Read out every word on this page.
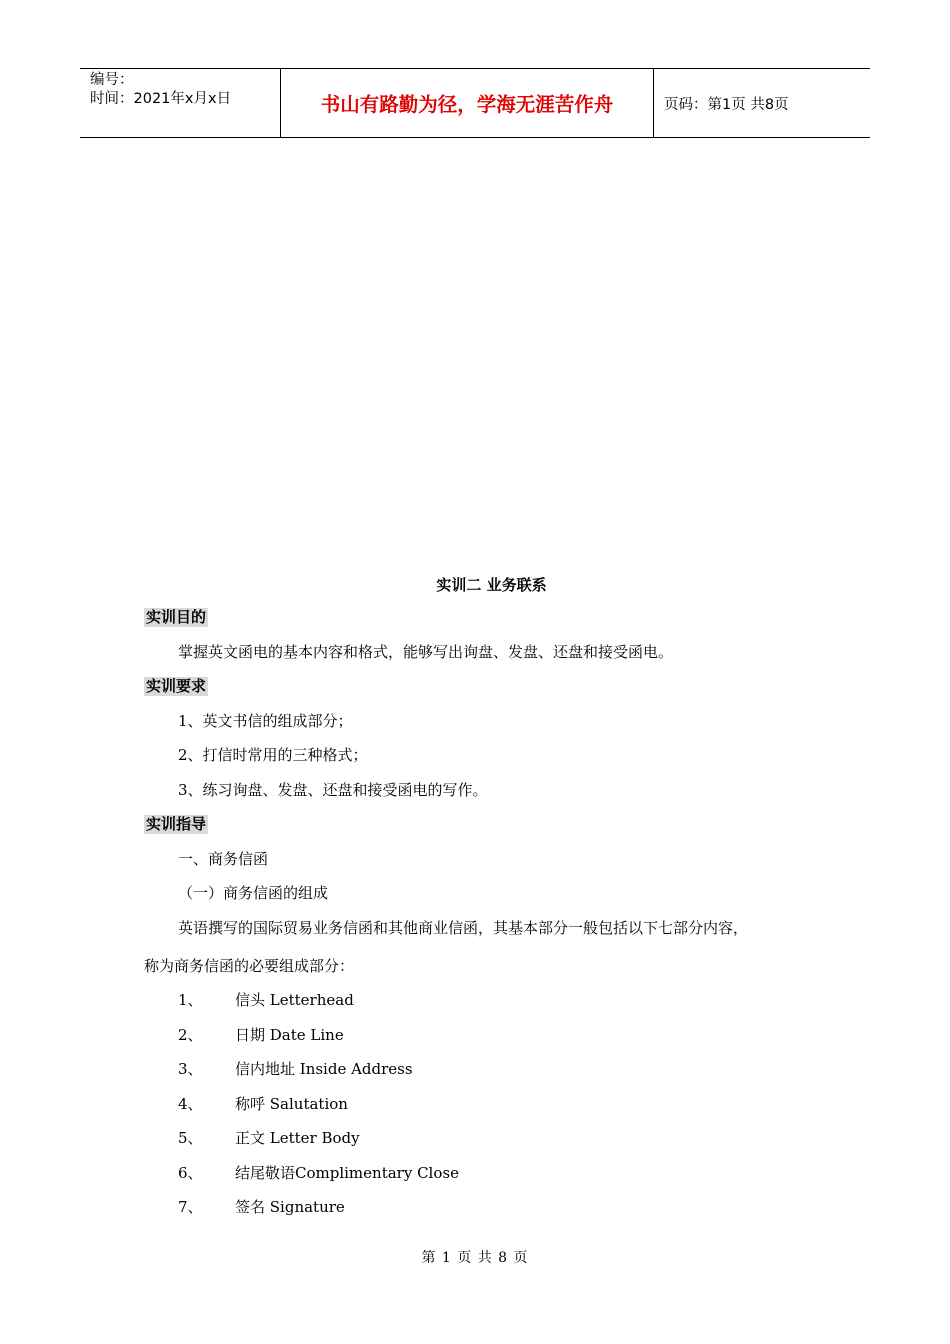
编号：
时间：2021年x月x日	书山有路勤为径，学海无涯苦作舟	页码：第1页 共8页
实训二 业务联系
实训目的
掌握英文函电的基本内容和格式，能够写出询盘、发盘、还盘和接受函电。
实训要求
1、英文书信的组成部分；
2、打信时常用的三种格式；
3、练习询盘、发盘、还盘和接受函电的写作。
实训指导
一、商务信函
（一）商务信函的组成
英语撰写的国际贸易业务信函和其他商业信函，其基本部分一般包括以下七部分内容，
称为商务信函的必要组成部分：
1、 信头 Letterhead
2、 日期 Date Line
3、 信内地址 Inside Address
4、 称呼 Salutation
5、 正文 Letter Body
6、 结尾敬语Complimentary Close
7、 签名 Signature
第 1 页 共 8 页
